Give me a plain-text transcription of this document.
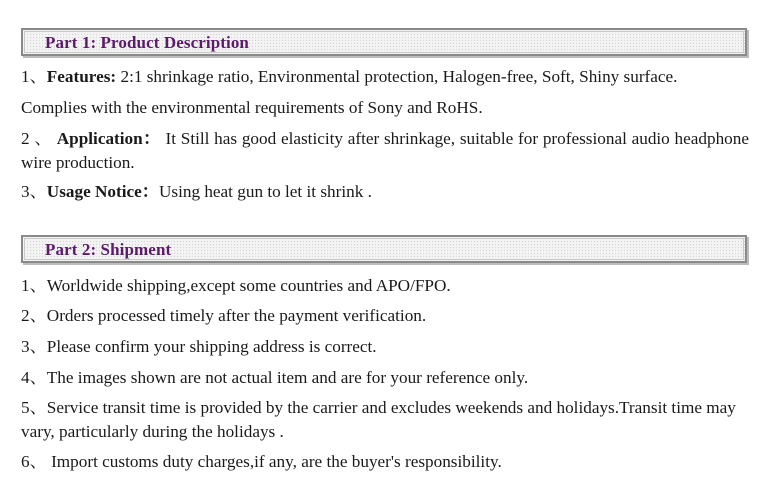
Part 1: Product Description

1、Features: 2:1 shrinkage ratio, Environmental protection, Halogen-free, Soft, Shiny surface.

Complies with the environmental requirements of Sony and RoHS.

2 、 Application： It Still has good elasticity after shrinkage, suitable for professional audio headphone wire production.

3、Usage Notice：Using heat gun to let it shrink .

Part 2: Shipment

1、Worldwide shipping,except some countries and APO/FPO.

2、Orders processed timely after the payment verification.

3、Please confirm your shipping address is correct.

4、The images shown are not actual item and are for your reference only.

5、Service transit time is provided by the carrier and excludes weekends and holidays.Transit time may vary, particularly during the holidays .

6、 Import customs duty charges,if any, are the buyer's responsibility.
